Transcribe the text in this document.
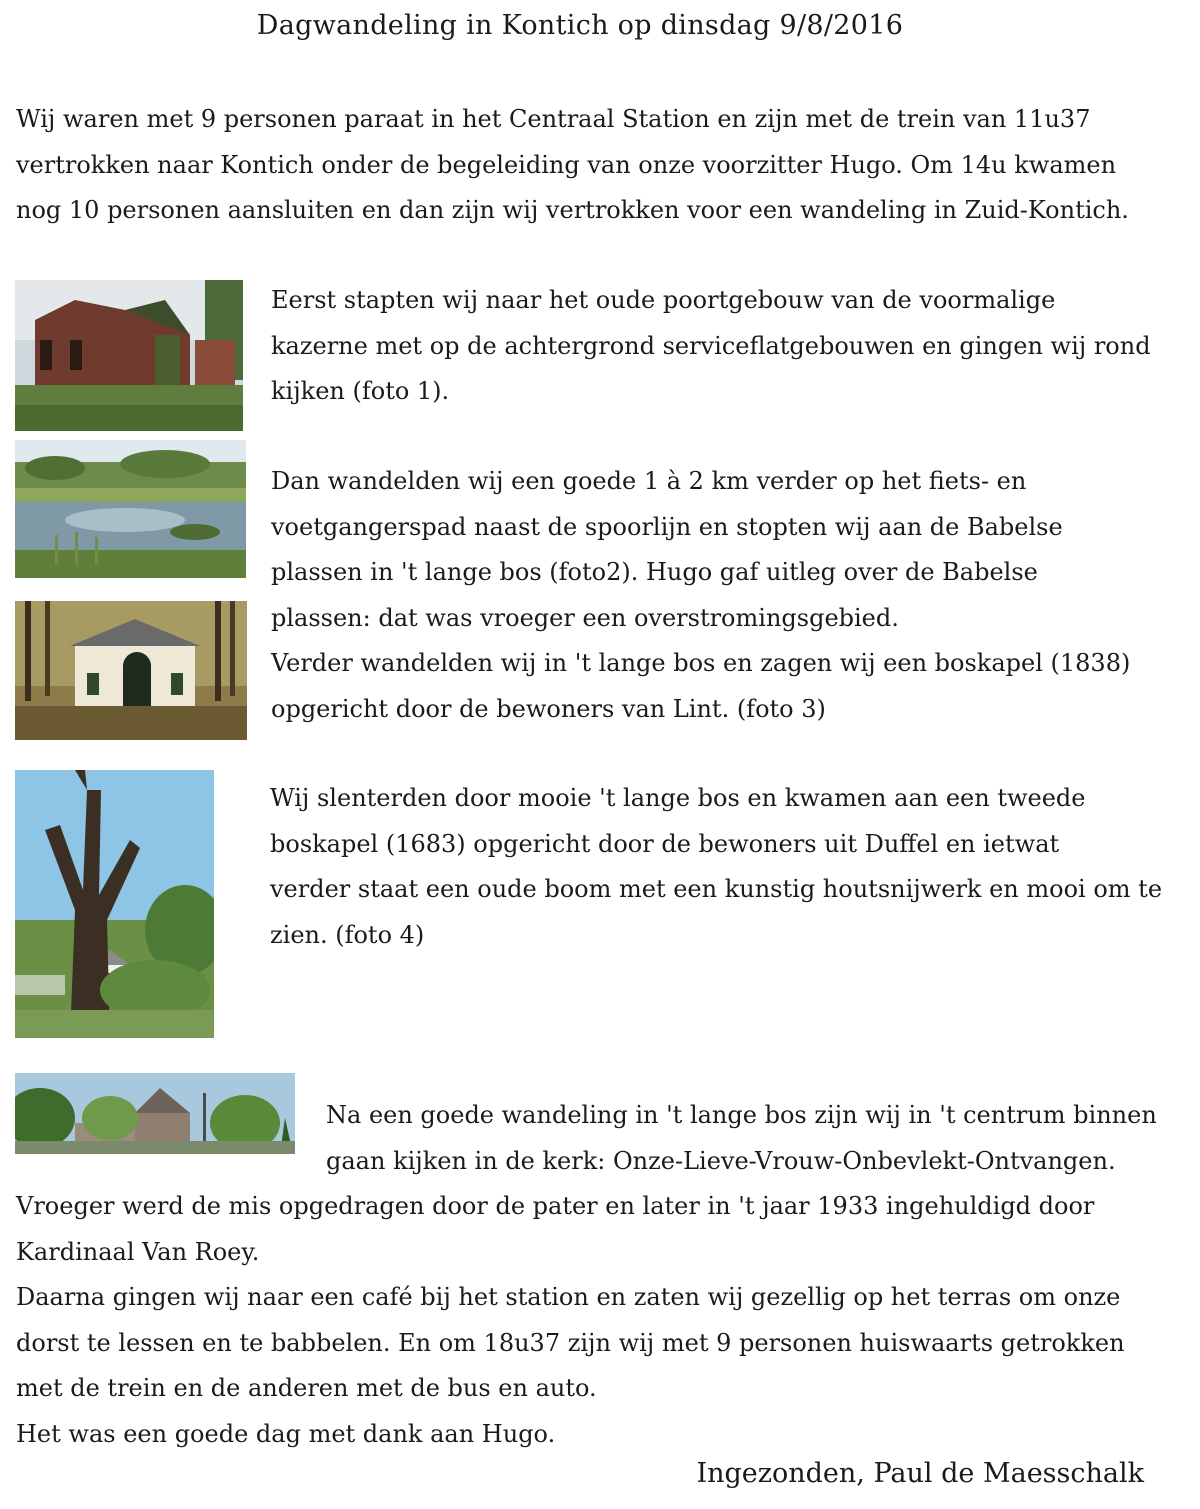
Dagwandeling in Kontich op dinsdag 9/8/2016

Wij waren met 9 personen paraat in het Centraal Station en zijn met de trein van 11u37
vertrokken naar Kontich onder de begeleiding van onze voorzitter Hugo. Om 14u kwamen
nog 10 personen aansluiten en dan zijn wij vertrokken voor een wandeling in Zuid-Kontich.

Eerst stapten wij naar het oude poortgebouw van de voormalige
kazerne met op de achtergrond serviceflatgebouwen en gingen wij rond
kijken (foto 1).

Dan wandelden wij een goede 1 à 2 km verder op het fiets- en
voetgangerspad naast de spoorlijn en stopten wij aan de Babelse
plassen in 't lange bos (foto2). Hugo gaf uitleg over de Babelse
plassen: dat was vroeger een overstromingsgebied.
Verder wandelden wij in 't lange bos en zagen wij een boskapel (1838)
opgericht door de bewoners van Lint. (foto 3)

Wij slenterden door mooie 't lange bos en kwamen aan een tweede
boskapel (1683) opgericht door de bewoners uit Duffel en ietwat
verder staat een oude boom met een kunstig houtsnijwerk en mooi om te
zien. (foto 4)

Na een goede wandeling in 't lange bos zijn wij in 't centrum binnen
gaan kijken in de kerk: Onze-Lieve-Vrouw-Onbevlekt-Ontvangen.

Vroeger werd de mis opgedragen door de pater en later in 't jaar 1933 ingehuldigd door
Kardinaal Van Roey.
Daarna gingen wij naar een café bij het station en zaten wij gezellig op het terras om onze
dorst te lessen en te babbelen. En om 18u37 zijn wij met 9 personen huiswaarts getrokken
met de trein en de anderen met de bus en auto.
Het was een goede dag met dank aan Hugo.

Ingezonden, Paul de Maesschalk
